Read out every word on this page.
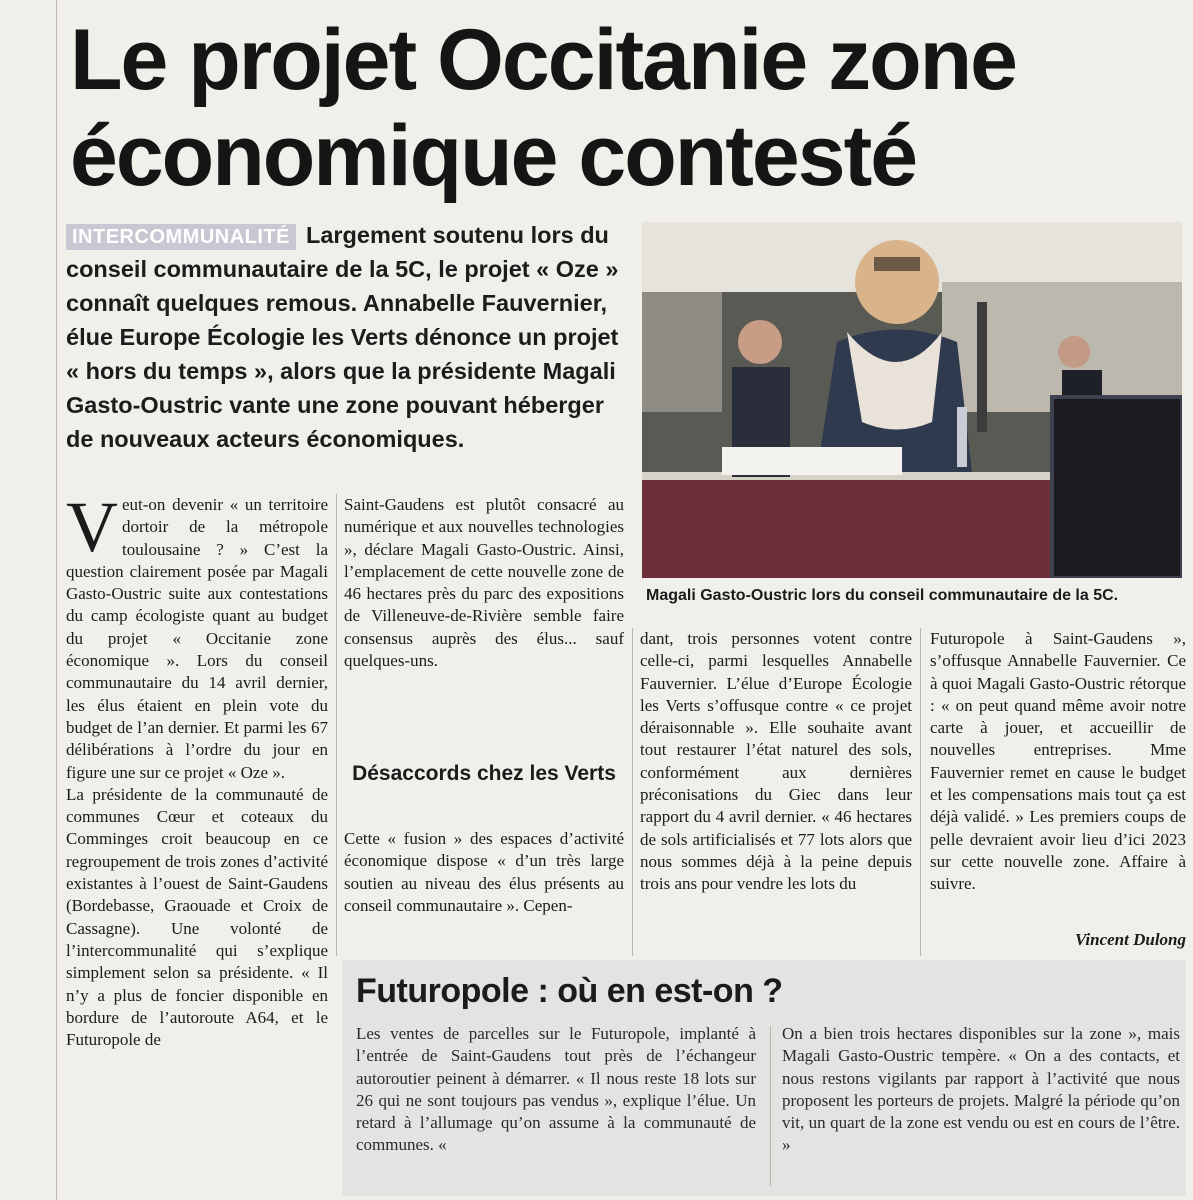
Le projet Occitanie zone économique contesté

INTERCOMMUNALITÉ Largement soutenu lors du conseil communautaire de la 5C, le projet « Oze » connaît quelques remous. Annabelle Fauvernier, élue Europe Écologie les Verts dénonce un projet « hors du temps », alors que la présidente Magali Gasto-Oustric vante une zone pouvant héberger de nouveaux acteurs économiques.

Magali Gasto-Oustric lors du conseil communautaire de la 5C.

Veut-on devenir « un territoire dortoir de la métropole toulousaine ? » C’est la question clairement posée par Magali Gasto-Oustric suite aux contestations du camp écologiste quant au budget du projet « Occitanie zone économique ». Lors du conseil communautaire du 14 avril dernier, les élus étaient en plein vote du budget de l’an dernier. Et parmi les 67 délibérations à l’ordre du jour en figure une sur ce projet « Oze ».

La présidente de la communauté de communes Cœur et coteaux du Comminges croit beaucoup en ce regroupement de trois zones d’activité existantes à l’ouest de Saint-Gaudens (Bordebasse, Graouade et Croix de Cassagne). Une volonté de l’intercommunalité qui s’explique simplement selon sa présidente. « Il n’y a plus de foncier disponible en bordure de l’autoroute A64, et le Futuropole de

Saint-Gaudens est plutôt consacré au numérique et aux nouvelles technologies », déclare Magali Gasto-Oustric. Ainsi, l’emplacement de cette nouvelle zone de 46 hectares près du parc des expositions de Villeneuve-de-Rivière semble faire consensus auprès des élus... sauf quelques-uns.

Désaccords chez les Verts

Cette « fusion » des espaces d’activité économique dispose « d’un très large soutien au niveau des élus présents au conseil communautaire ». Cepen-

dant, trois personnes votent contre celle-ci, parmi lesquelles Annabelle Fauvernier. L’élue d’Europe Écologie les Verts s’offusque contre « ce projet déraisonnable ». Elle souhaite avant tout restaurer l’état naturel des sols, conformément aux dernières préconisations du Giec dans leur rapport du 4 avril dernier. « 46 hectares de sols artificialisés et 77 lots alors que nous sommes déjà à la peine depuis trois ans pour vendre les lots du

Futuropole à Saint-Gaudens », s’offusque Annabelle Fauvernier. Ce à quoi Magali Gasto-Oustric rétorque : « on peut quand même avoir notre carte à jouer, et accueillir de nouvelles entreprises. Mme Fauvernier remet en cause le budget et les compensations mais tout ça est déjà validé. » Les premiers coups de pelle devraient avoir lieu d’ici 2023 sur cette nouvelle zone. Affaire à suivre.

Vincent Dulong

Futuropole : où en est-on ?

Les ventes de parcelles sur le Futuropole, implanté à l’entrée de Saint-Gaudens tout près de l’échangeur autoroutier peinent à démarrer. « Il nous reste 18 lots sur 26 qui ne sont toujours pas vendus », explique l’élue. Un retard à l’allumage qu’on assume à la communauté de communes. «

On a bien trois hectares disponibles sur la zone », mais Magali Gasto-Oustric tempère. « On a des contacts, et nous restons vigilants par rapport à l’activité que nous proposent les porteurs de projets. Malgré la période qu’on vit, un quart de la zone est vendu ou est en cours de l’être. »
